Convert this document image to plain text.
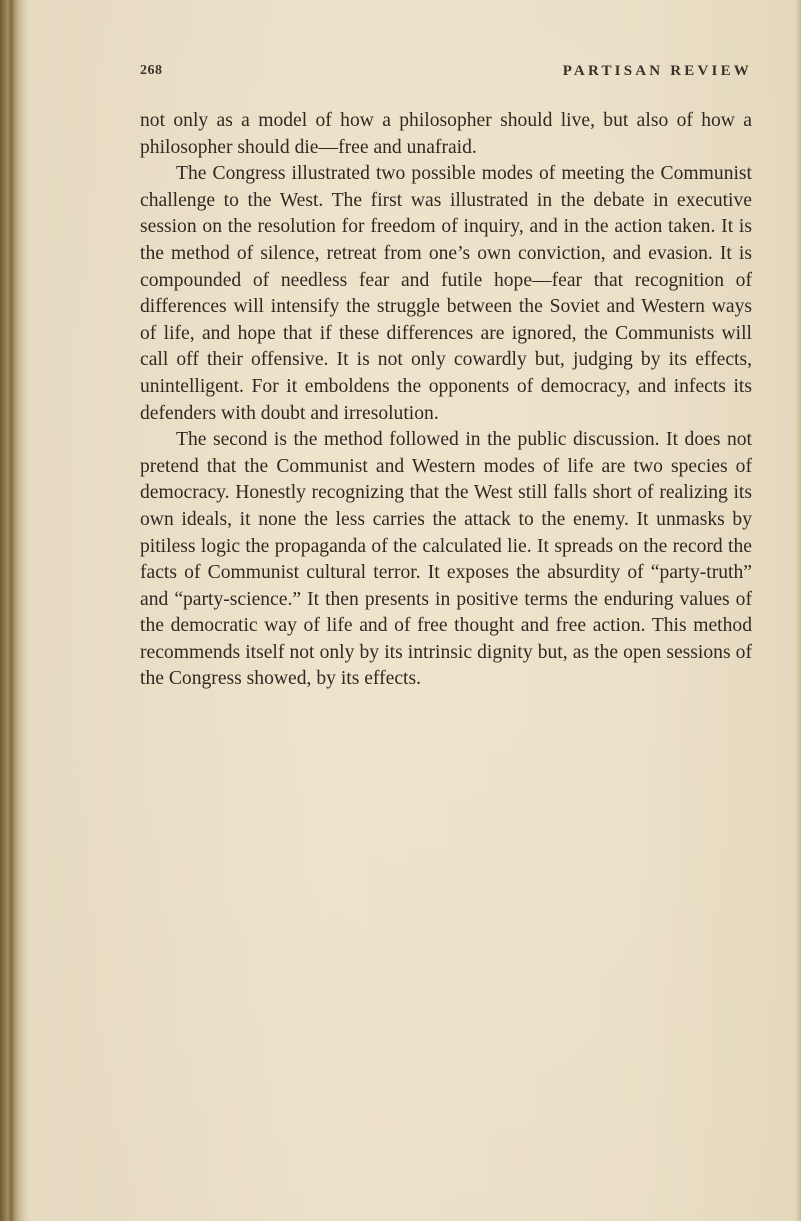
268	PARTISAN REVIEW

not only as a model of how a philosopher should live, but also of how a philosopher should die—free and unafraid.

The Congress illustrated two possible modes of meeting the Communist challenge to the West. The first was illustrated in the debate in executive session on the resolution for freedom of inquiry, and in the action taken. It is the method of silence, retreat from one’s own conviction, and evasion. It is compounded of needless fear and futile hope—fear that recognition of differences will intensify the struggle between the Soviet and Western ways of life, and hope that if these differences are ignored, the Communists will call off their offensive. It is not only cowardly but, judging by its effects, unintelligent. For it emboldens the opponents of democracy, and infects its defenders with doubt and irresolution.

The second is the method followed in the public discussion. It does not pretend that the Communist and Western modes of life are two species of democracy. Honestly recognizing that the West still falls short of realizing its own ideals, it none the less carries the attack to the enemy. It unmasks by pitiless logic the propaganda of the calculated lie. It spreads on the record the facts of Communist cultural terror. It exposes the absurdity of “party-truth” and “party-science.” It then presents in positive terms the enduring values of the democratic way of life and of free thought and free action. This method recommends itself not only by its intrinsic dignity but, as the open sessions of the Congress showed, by its effects.
